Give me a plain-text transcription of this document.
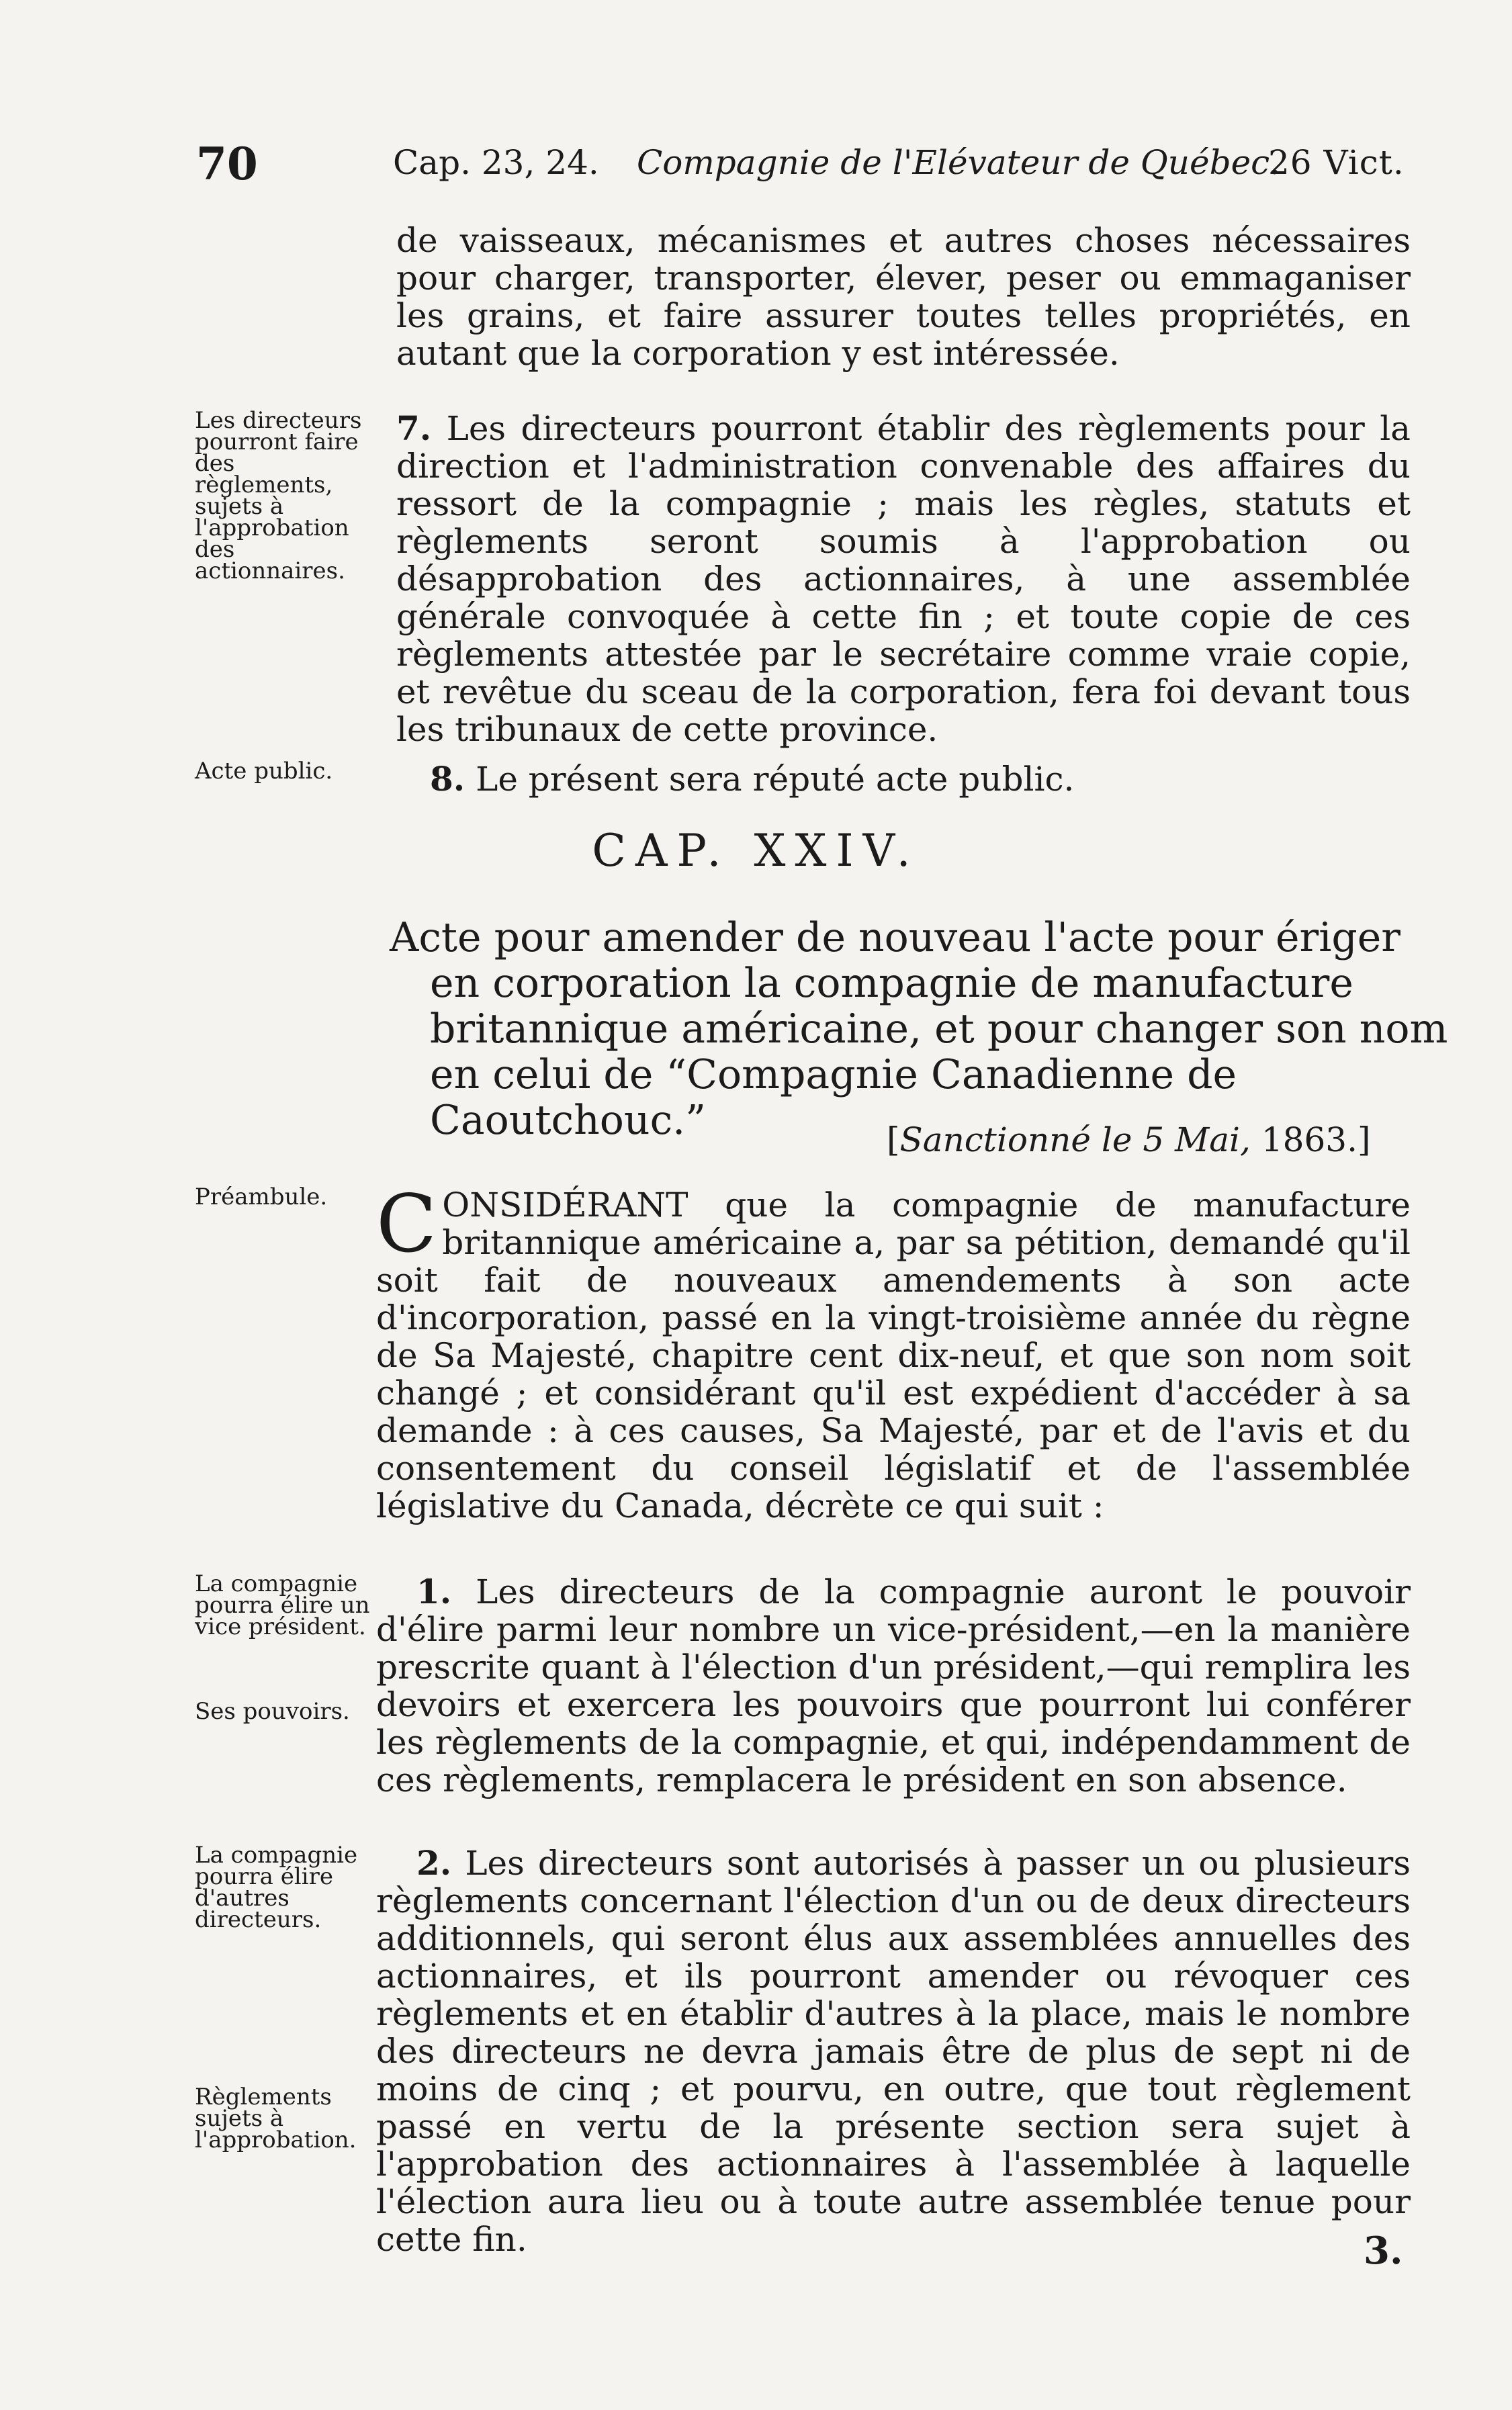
70	Cap. 23, 24. Compagnie de l'Elévateur de Québec.
26 Vict.
de vaisseaux, mécanismes et autres choses nécessaires pour charger, transporter, élever, peser ou emmaganiser les grains, et faire assurer toutes telles propriétés, en autant que la corporation y est intéressée.
Les directeurs pourront faire des règlements, sujets à l'approbation des actionnaires.
7. Les directeurs pourront établir des règlements pour la direction et l'administration convenable des affaires du ressort de la compagnie ; mais les règles, statuts et règlements seront soumis à l'approbation ou désapprobation des actionnaires, à une assemblée générale convoquée à cette fin ; et toute copie de ces règlements attestée par le secrétaire comme vraie copie, et revêtue du sceau de la corporation, fera foi devant tous les tribunaux de cette province.
Acte public.	8. Le présent sera réputé acte public.
CAP. XXIV.
Acte pour amender de nouveau l'acte pour ériger en corporation la compagnie de manufacture britannique américaine, et pour changer son nom en celui de “Compagnie Canadienne de Caoutchouc.”	[Sanctionné le 5 Mai, 1863.]
Préambule. C ONSIDÉRANT que la compagnie de manufacture britannique américaine a, par sa pétition, demandé qu'il soit fait de nouveaux amendements à son acte d'incorporation, passé en la vingt-troisième année du règne de Sa Majesté, chapitre cent dix-neuf, et que son nom soit changé ; et considérant qu'il est expédient d'accéder à sa demande : à ces causes, Sa Majesté, par et de l'avis et du consentement du conseil législatif et de l'assemblée législative du Canada, décrète ce qui suit :
La compagnie pourra élire un vice président.
Ses pouvoirs.
1. Les directeurs de la compagnie auront le pouvoir d'élire parmi leur nombre un vice-président,—en la manière prescrite quant à l'élection d'un président,—qui remplira les devoirs et exercera les pouvoirs que pourront lui conférer les règlements de la compagnie, et qui, indépendamment de ces règlements, remplacera le président en son absence.
La compagnie pourra élire d'autres directeurs.
Règlements sujets à l'approbation.
2. Les directeurs sont autorisés à passer un ou plusieurs règlements concernant l'élection d'un ou de deux directeurs additionnels, qui seront élus aux assemblées annuelles des actionnaires, et ils pourront amender ou révoquer ces règlements et en établir d'autres à la place, mais le nombre des directeurs ne devra jamais être de plus de sept ni de moins de cinq ; et pourvu, en outre, que tout règlement passé en vertu de la présente section sera sujet à l'approbation des actionnaires à l'assemblée à laquelle l'élection aura lieu ou à toute autre assemblée tenue pour cette fin.	3.
